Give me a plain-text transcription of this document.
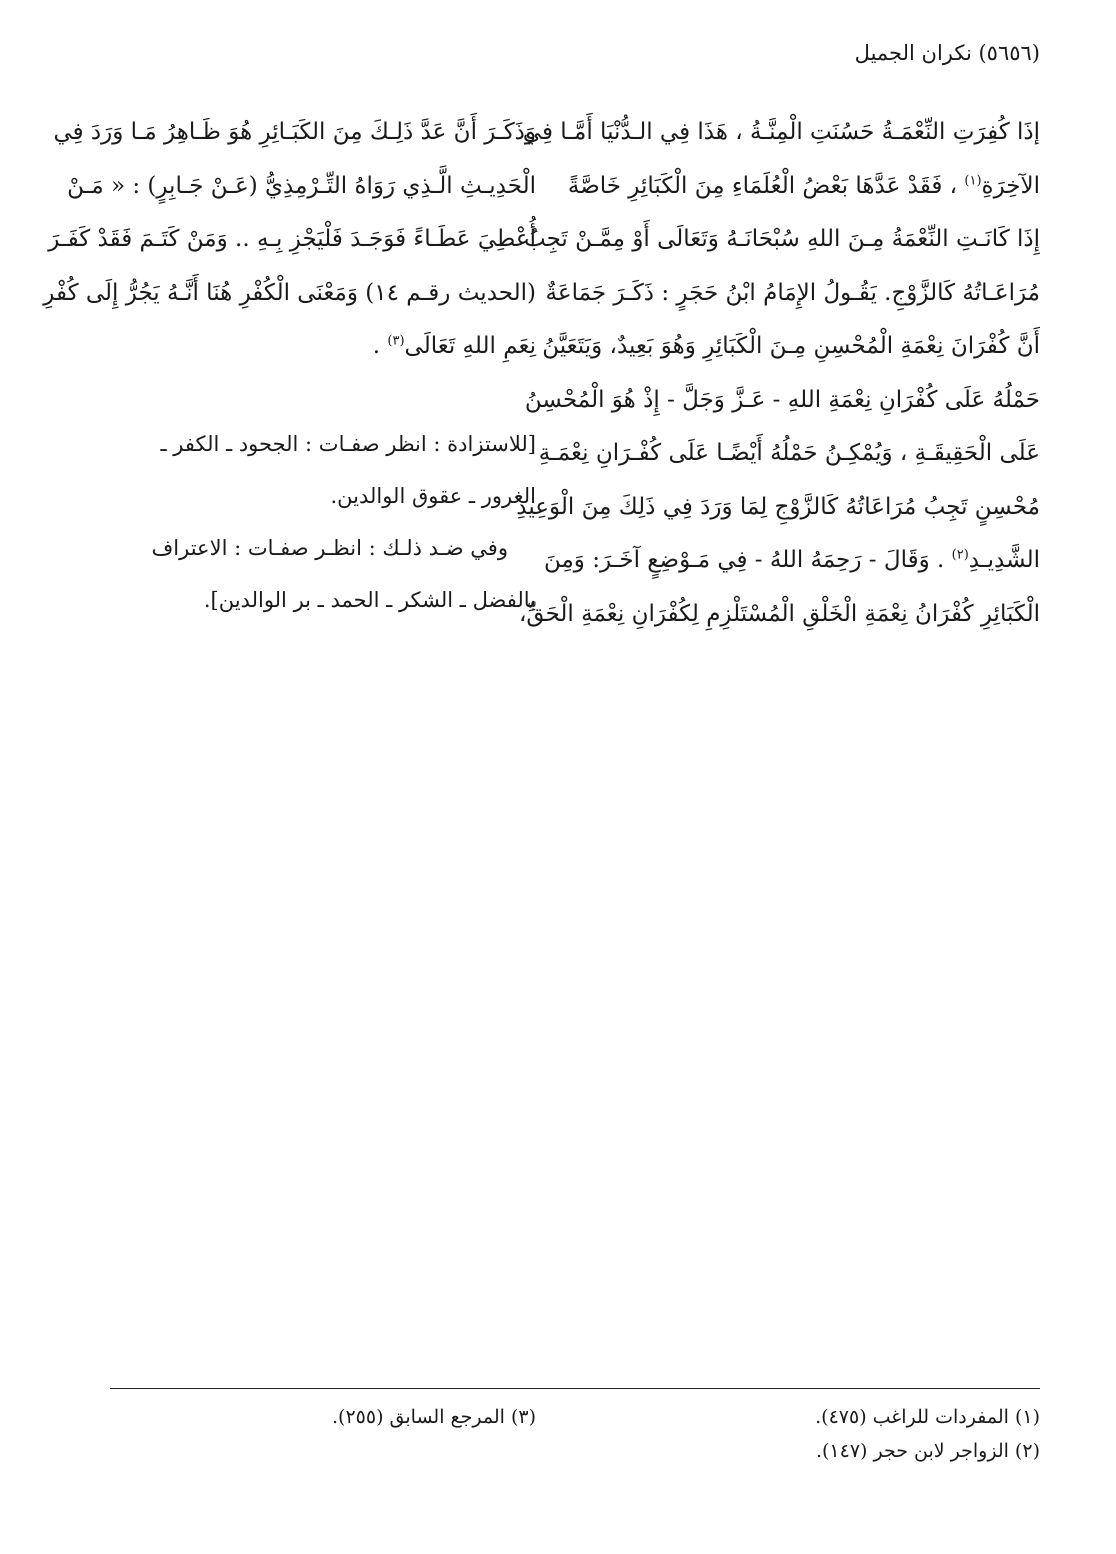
(٥٦٥٦) نكران الجميل

إذَا كُفِرَتِ النِّعْمَـةُ حَسُنَتِ الْمِنَّـةُ ، هَذَا فِي الـدُّنْيَا أَمَّـا فِي
الآخِرَةِ$^{(١)}$ ، فَقَدْ عَدَّهَا بَعْضُ الْعُلَمَاءِ مِنَ الْكَبَائِرِ خَاصَّةً
إِذَا كَانَـتِ النِّعْمَةُ مِـنَ اللهِ سُبْحَانَـهُ وَتَعَالَى أَوْ مِمَّـنْ تَجِبُ
مُرَاعَـاتُهُ كَالزَّوْجِ. يَقُـولُ الإِمَامُ ابْنُ حَجَرٍ : ذَكَـرَ جَمَاعَةٌ
أَنَّ كُفْرَانَ نِعْمَةِ الْمُحْسِنِ مِـنَ الْكَبَائِرِ وَهُوَ بَعِيدٌ، وَيَتَعَيَّنُ
حَمْلُهُ عَلَى كُفْرَانِ نِعْمَةِ اللهِ - عَـزَّ وَجَلَّ - إِذْ هُوَ الْمُحْسِنُ
عَلَى الْحَقِيقَـةِ ، وَيُمْكِـنُ حَمْلُهُ أَيْضًـا عَلَى كُفْـرَانِ نِعْمَـةِ
مُحْسِنٍ تَجِبُ مُرَاعَاتُهُ كَالزَّوْجِ لِمَا وَرَدَ فِي ذَلِكَ مِنَ الْوَعِيدِ
الشَّدِيـدِ$^{(٢)}$ . وَقَالَ - رَحِمَهُ اللهُ - فِي مَـوْضِعٍ آخَـرَ: وَمِنَ
الْكَبَائِرِ كُفْرَانُ نِعْمَةِ الْخَلْقِ الْمُسْتَلْزِمِ لِكُفْرَانِ نِعْمَةِ الْحَقِّ،

وَذَكَـرَ أَنَّ عَدَّ ذَلِـكَ مِنَ الكَبَـائِرِ هُوَ ظَـاهِرُ مَـا وَرَدَ فِي
الْحَدِيـثِ الَّـذِي رَوَاهُ التِّـرْمِذِيُّ (عَـنْ جَـابِرٍ) : « مَـنْ
أُعْطِيَ عَطَـاءً فَوَجَـدَ فَلْيَجْزِ بِـهِ .. وَمَنْ كَتَـمَ فَقَدْ كَفَـرَ
(الحديث رقـم ١٤) وَمَعْنَى الْكُفْرِ هُنَا أَنَّـهُ يَجُرُّ إِلَى كُفْرِ
نِعَمِ اللهِ تَعَالَى$^{(٣)}$ .

[للاستزادة : انظر صفـات : الجحود ـ الكفر ـ
الغرور ـ عقوق الوالدين.

وفي ضـد ذلـك : انظـر صفـات : الاعتراف
بالفضل ـ الشكر ـ الحمد ـ بر الوالدين].

(١) المفردات للراغب (٤٧٥).
(٢) الزواجر لابن حجر (١٤٧).
(٣) المرجع السابق (٢٥٥).
